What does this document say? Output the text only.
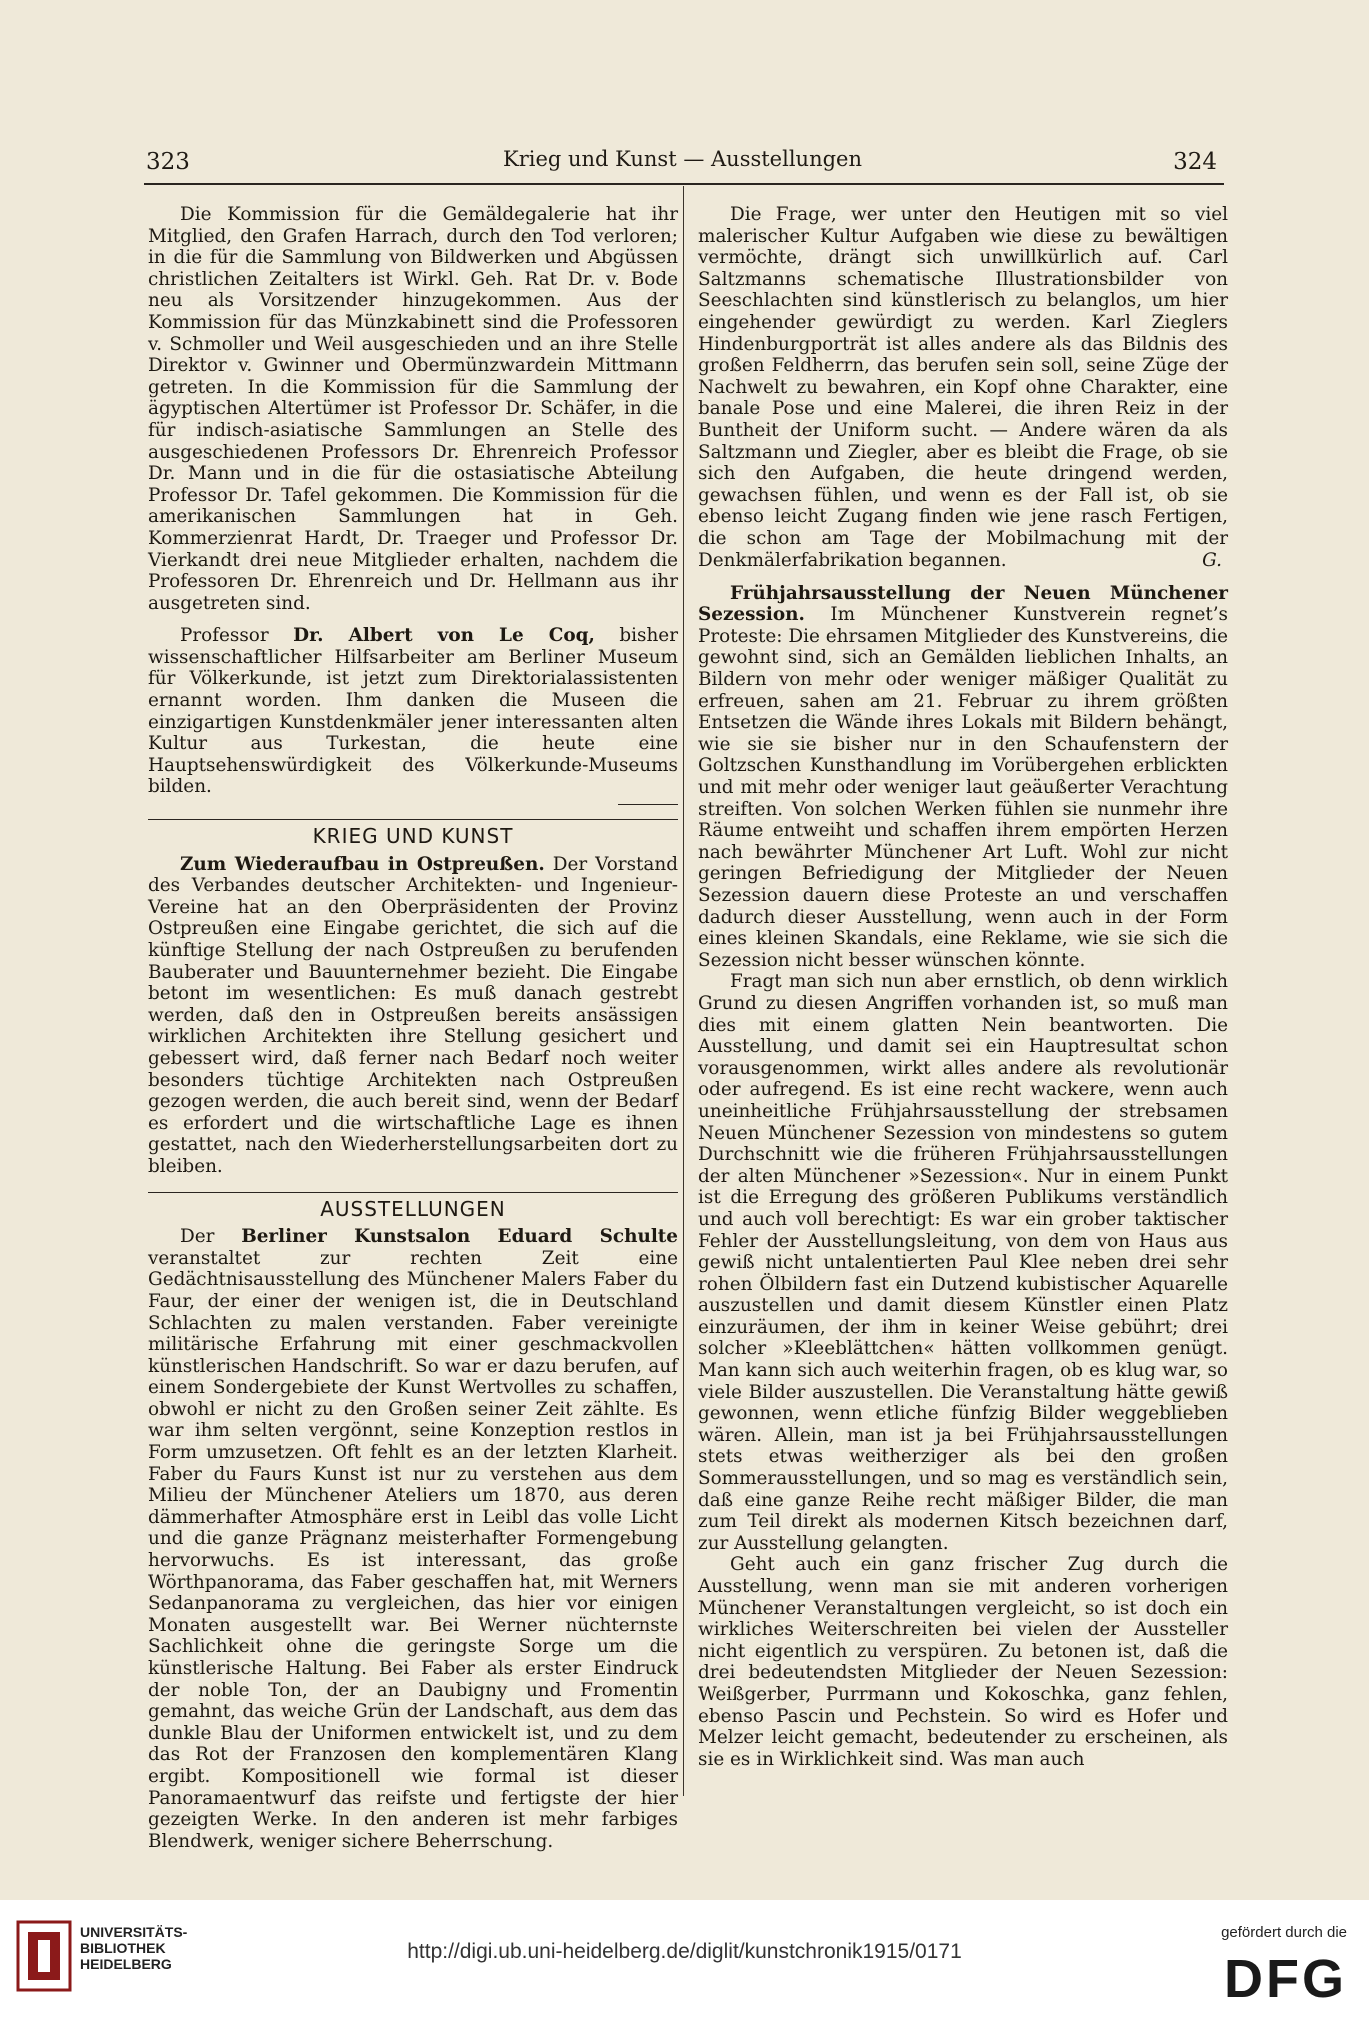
323	Krieg und Kunst — Ausstellungen	324

Die Kommission für die Gemäldegalerie hat ihr Mitglied, den Grafen Harrach, durch den Tod verloren; in die für die Sammlung von Bildwerken und Abgüssen christlichen Zeitalters ist Wirkl. Geh. Rat Dr. v. Bode neu als Vorsitzender hinzugekommen. Aus der Kommission für das Münzkabinett sind die Professoren v. Schmoller und Weil ausgeschieden und an ihre Stelle Direktor v. Gwinner und Obermünzwardein Mittmann getreten. In die Kommission für die Sammlung der ägyptischen Altertümer ist Professor Dr. Schäfer, in die für indisch-asiatische Sammlungen an Stelle des ausgeschiedenen Professors Dr. Ehrenreich Professor Dr. Mann und in die für die ostasiatische Abteilung Professor Dr. Tafel gekommen. Die Kommission für die amerikanischen Sammlungen hat in Geh. Kommerzienrat Hardt, Dr. Traeger und Professor Dr. Vierkandt drei neue Mitglieder erhalten, nachdem die Professoren Dr. Ehrenreich und Dr. Hellmann aus ihr ausgetreten sind.

Professor Dr. Albert von Le Coq, bisher wissenschaftlicher Hilfsarbeiter am Berliner Museum für Völkerkunde, ist jetzt zum Direktorialassistenten ernannt worden. Ihm danken die Museen die einzigartigen Kunstdenkmäler jener interessanten alten Kultur aus Turkestan, die heute eine Hauptsehenswürdigkeit des Völkerkunde-Museums bilden.

KRIEG UND KUNST

Zum Wiederaufbau in Ostpreußen. Der Vorstand des Verbandes deutscher Architekten- und Ingenieur-Vereine hat an den Oberpräsidenten der Provinz Ostpreußen eine Eingabe gerichtet, die sich auf die künftige Stellung der nach Ostpreußen zu berufenden Bauberater und Bauunternehmer bezieht. Die Eingabe betont im wesentlichen: Es muß danach gestrebt werden, daß den in Ostpreußen bereits ansässigen wirklichen Architekten ihre Stellung gesichert und gebessert wird, daß ferner nach Bedarf noch weiter besonders tüchtige Architekten nach Ostpreußen gezogen werden, die auch bereit sind, wenn der Bedarf es erfordert und die wirtschaftliche Lage es ihnen gestattet, nach den Wiederherstellungsarbeiten dort zu bleiben.

AUSSTELLUNGEN

Der Berliner Kunstsalon Eduard Schulte veranstaltet zur rechten Zeit eine Gedächtnisausstellung des Münchener Malers Faber du Faur, der einer der wenigen ist, die in Deutschland Schlachten zu malen verstanden. Faber vereinigte militärische Erfahrung mit einer geschmackvollen künstlerischen Handschrift. So war er dazu berufen, auf einem Sondergebiete der Kunst Wertvolles zu schaffen, obwohl er nicht zu den Großen seiner Zeit zählte. Es war ihm selten vergönnt, seine Konzeption restlos in Form umzusetzen. Oft fehlt es an der letzten Klarheit. Faber du Faurs Kunst ist nur zu verstehen aus dem Milieu der Münchener Ateliers um 1870, aus deren dämmerhafter Atmosphäre erst in Leibl das volle Licht und die ganze Prägnanz meisterhafter Formengebung hervorwuchs. Es ist interessant, das große Wörthpanorama, das Faber geschaffen hat, mit Werners Sedanpanorama zu vergleichen, das hier vor einigen Monaten ausgestellt war. Bei Werner nüchternste Sachlichkeit ohne die geringste Sorge um die künstlerische Haltung. Bei Faber als erster Eindruck der noble Ton, der an Daubigny und Fromentin gemahnt, das weiche Grün der Landschaft, aus dem das dunkle Blau der Uniformen entwickelt ist, und zu dem das Rot der Franzosen den komplementären Klang ergibt. Kompositionell wie formal ist dieser Panoramaentwurf das reifste und fertigste der hier gezeigten Werke. In den anderen ist mehr farbiges Blendwerk, weniger sichere Beherrschung.

Die Frage, wer unter den Heutigen mit so viel malerischer Kultur Aufgaben wie diese zu bewältigen vermöchte, drängt sich unwillkürlich auf. Carl Saltzmanns schematische Illustrationsbilder von Seeschlachten sind künstlerisch zu belanglos, um hier eingehender gewürdigt zu werden. Karl Zieglers Hindenburgporträt ist alles andere als das Bildnis des großen Feldherrn, das berufen sein soll, seine Züge der Nachwelt zu bewahren, ein Kopf ohne Charakter, eine banale Pose und eine Malerei, die ihren Reiz in der Buntheit der Uniform sucht. — Andere wären da als Saltzmann und Ziegler, aber es bleibt die Frage, ob sie sich den Aufgaben, die heute dringend werden, gewachsen fühlen, und wenn es der Fall ist, ob sie ebenso leicht Zugang finden wie jene rasch Fertigen, die schon am Tage der Mobilmachung mit der Denkmälerfabrikation begannen.	G.

Frühjahrsausstellung der Neuen Münchener Sezession. Im Münchener Kunstverein regnet’s Proteste: Die ehrsamen Mitglieder des Kunstvereins, die gewohnt sind, sich an Gemälden lieblichen Inhalts, an Bildern von mehr oder weniger mäßiger Qualität zu erfreuen, sahen am 21. Februar zu ihrem größten Entsetzen die Wände ihres Lokals mit Bildern behängt, wie sie sie bisher nur in den Schaufenstern der Goltzschen Kunsthandlung im Vorübergehen erblickten und mit mehr oder weniger laut geäußerter Verachtung streiften. Von solchen Werken fühlen sie nunmehr ihre Räume entweiht und schaffen ihrem empörten Herzen nach bewährter Münchener Art Luft. Wohl zur nicht geringen Befriedigung der Mitglieder der Neuen Sezession dauern diese Proteste an und verschaffen dadurch dieser Ausstellung, wenn auch in der Form eines kleinen Skandals, eine Reklame, wie sie sich die Sezession nicht besser wünschen könnte.

Fragt man sich nun aber ernstlich, ob denn wirklich Grund zu diesen Angriffen vorhanden ist, so muß man dies mit einem glatten Nein beantworten. Die Ausstellung, und damit sei ein Hauptresultat schon vorausgenommen, wirkt alles andere als revolutionär oder aufregend. Es ist eine recht wackere, wenn auch uneinheitliche Frühjahrsausstellung der strebsamen Neuen Münchener Sezession von mindestens so gutem Durchschnitt wie die früheren Frühjahrsausstellungen der alten Münchener »Sezession«. Nur in einem Punkt ist die Erregung des größeren Publikums verständlich und auch voll berechtigt: Es war ein grober taktischer Fehler der Ausstellungsleitung, von dem von Haus aus gewiß nicht untalentierten Paul Klee neben drei sehr rohen Ölbildern fast ein Dutzend kubistischer Aquarelle auszustellen und damit diesem Künstler einen Platz einzuräumen, der ihm in keiner Weise gebührt; drei solcher »Kleeblättchen« hätten vollkommen genügt. Man kann sich auch weiterhin fragen, ob es klug war, so viele Bilder auszustellen. Die Veranstaltung hätte gewiß gewonnen, wenn etliche fünfzig Bilder weggeblieben wären. Allein, man ist ja bei Frühjahrsausstellungen stets etwas weitherziger als bei den großen Sommerausstellungen, und so mag es verständlich sein, daß eine ganze Reihe recht mäßiger Bilder, die man zum Teil direkt als modernen Kitsch bezeichnen darf, zur Ausstellung gelangten.

Geht auch ein ganz frischer Zug durch die Ausstellung, wenn man sie mit anderen vorherigen Münchener Veranstaltungen vergleicht, so ist doch ein wirkliches Weiterschreiten bei vielen der Aussteller nicht eigentlich zu verspüren. Zu betonen ist, daß die drei bedeutendsten Mitglieder der Neuen Sezession: Weißgerber, Purrmann und Kokoschka, ganz fehlen, ebenso Pascin und Pechstein. So wird es Hofer und Melzer leicht gemacht, bedeutender zu erscheinen, als sie es in Wirklichkeit sind. Was man auch

UNIVERSITÄTS-
BIBLIOTHEK
HEIDELBERG
http://digi.ub.uni-heidelberg.de/diglit/kunstchronik1915/0171
gefördert durch die
DFG
